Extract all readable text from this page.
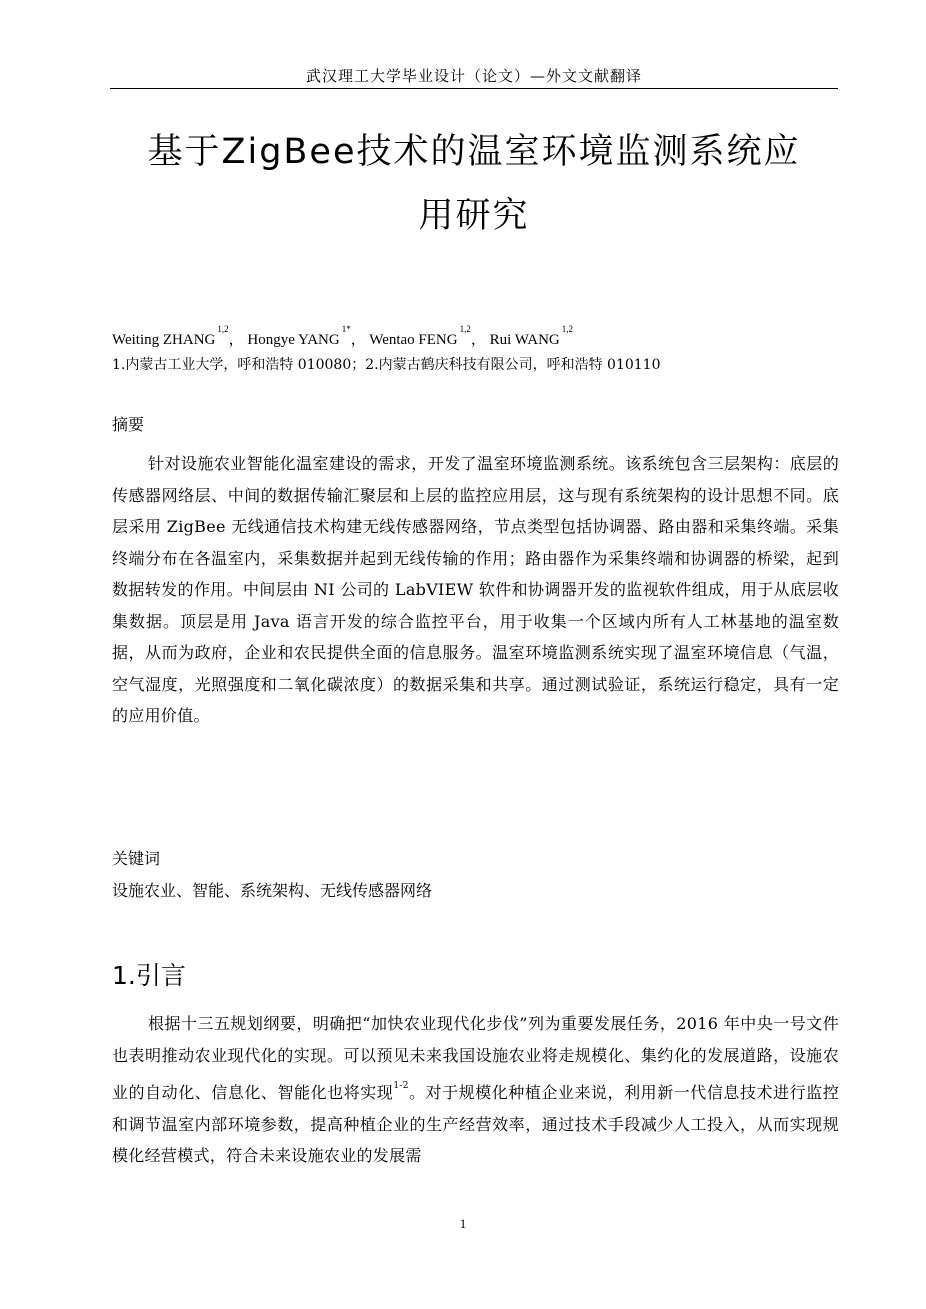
武汉理工大学毕业设计（论文）—外文文献翻译
基于ZigBee技术的温室环境监测系统应
用研究
Weiting ZHANG$^{1,2}$， Hongye $YANG^{1*}$， Wentao FENG$^{1,2}$， Rui WANG$^{1,2}$
1.内蒙古工业大学，呼和浩特 010080；2.内蒙古鹤庆科技有限公司，呼和浩特 010110
摘要
针对设施农业智能化温室建设的需求，开发了温室环境监测系统。该系统包含三层架构：底层的传感器网络层、中间的数据传输汇聚层和上层的监控应用层，这与现有系统架构的设计思想不同。底层采用 ZigBee 无线通信技术构建无线传感器网络，节点类型包括协调器、路由器和采集终端。采集终端分布在各温室内，采集数据并起到无线传输的作用；路由器作为采集终端和协调器的桥梁，起到数据转发的作用。中间层由 NI 公司的 LabVIEW 软件和协调器开发的监视软件组成，用于从底层收集数据。顶层是用 Java 语言开发的综合监控平台，用于收集一个区域内所有人工林基地的温室数据，从而为政府，企业和农民提供全面的信息服务。温室环境监测系统实现了温室环境信息（气温，空气湿度，光照强度和二氧化碳浓度）的数据采集和共享。通过测试验证，系统运行稳定，具有一定的应用价值。
关键词
设施农业、智能、系统架构、无线传感器网络
1.引言
根据十三五规划纲要，明确把“加快农业现代化步伐”列为重要发展任务，2016 年中央一号文件也表明推动农业现代化的实现。可以预见未来我国设施农业将走规模化、集约化的发展道路，设施农业的自动化、信息化、智能化也将实现$^{1-2}$。对于规模化种植企业来说，利用新一代信息技术进行监控和调节温室内部环境参数，提高种植企业的生产经营效率，通过技术手段减少人工投入，从而实现规模化经营模式，符合未来设施农业的发展需
1
